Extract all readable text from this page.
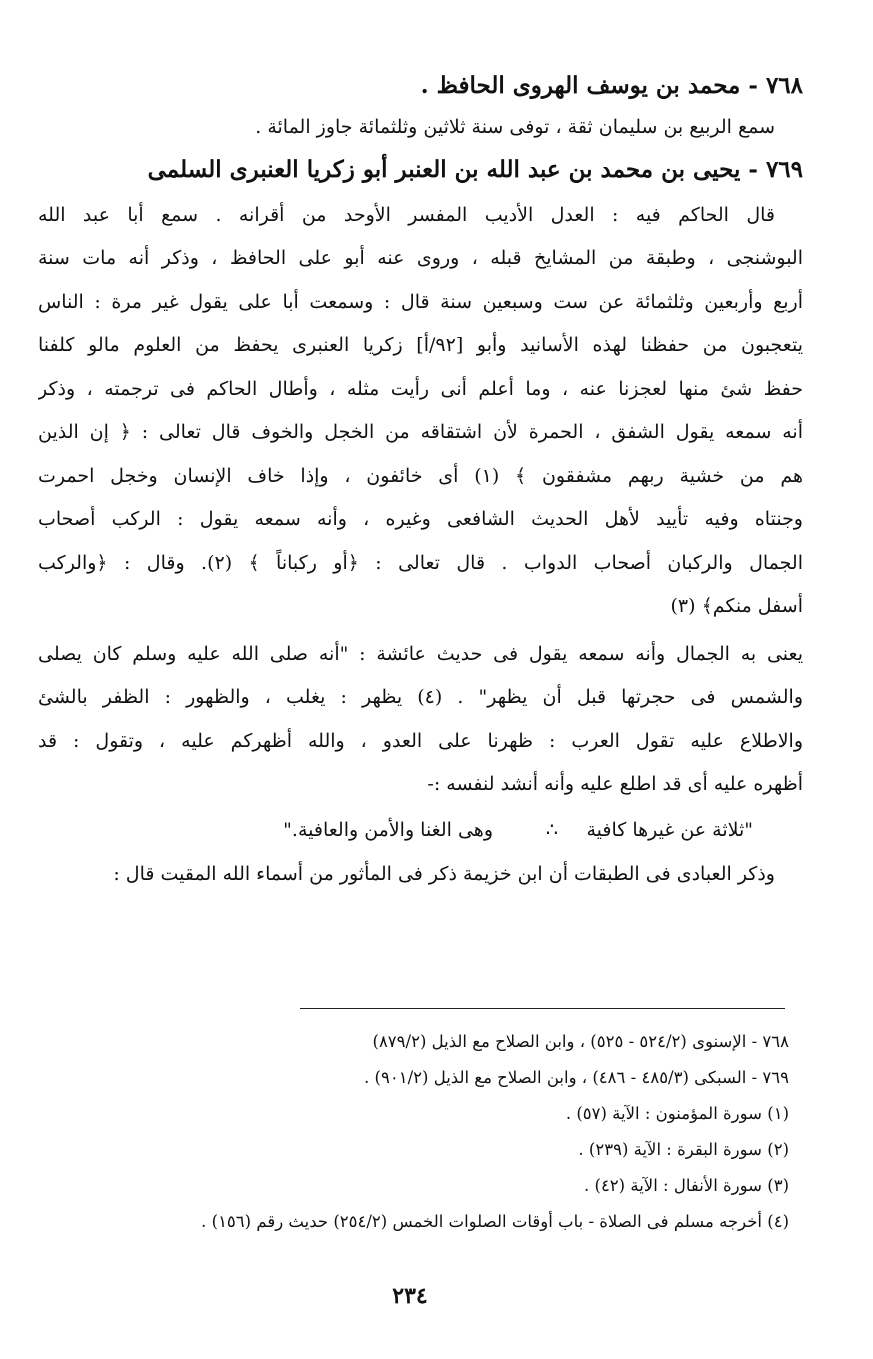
٧٦٨ - محمد بن يوسف الهروى الحافظ .
سمع الربيع بن سليمان ثقة ، توفى سنة ثلاثين وثلثمائة جاوز المائة .
٧٦٩ - يحيى بن محمد بن عبد الله بن العنبر أبو زكريا العنبرى السلمى
قال الحاكم فيه : العدل الأديب المفسر الأوحد من أقرانه . سمع أبا عبد الله
البوشنجى ، وطبقة من المشايخ قبله ، وروى عنه أبو على الحافظ ، وذكر أنه مات سنة
أربع وأربعين وثلثمائة عن ست وسبعين سنة قال : وسمعت أبا على يقول غير مرة : الناس
يتعجبون من حفظنا لهذه الأسانيد وأبو [٩٢/أ] زكريا العنبرى يحفظ من العلوم مالو كلفنا
حفظ شئ منها لعجزنا عنه ، وما أعلم أنى رأيت مثله ، وأطال الحاكم فى ترجمته ، وذكر
أنه سمعه يقول الشفق ، الحمرة لأن اشتقاقه من الخجل والخوف قال تعالى : ﴿ إن الذين
هم من خشية ربهم مشفقون ﴾ (١) أى خائفون ، وإذا خاف الإنسان وخجل احمرت
وجنتاه وفيه تأييد لأهل الحديث الشافعى وغيره ، وأنه سمعه يقول : الركب أصحاب
الجمال والركبان أصحاب الدواب . قال تعالى : ﴿أو ركباناً ﴾ (٢). وقال : ﴿والركب
أسفل منكم﴾ (٣)
يعنى به الجمال وأنه سمعه يقول فى حديث عائشة : "أنه صلى الله عليه وسلم كان يصلى
والشمس فى حجرتها قبل أن يظهر" . (٤) يظهر : يغلب ، والظهور : الظفر بالشئ
والاطلاع عليه تقول العرب : ظهرنا على العدو ، والله أظهركم عليه ، وتقول : قد
أظهره عليه أى قد اطلع عليه وأنه أنشد لنفسه :-
"ثلاثة عن غيرها كافية
∴
وهى الغنا والأمن والعافية."
وذكر العبادى فى الطبقات أن ابن خزيمة ذكر فى المأثور من أسماء الله المقيت قال :
٧٦٨ - الإسنوى (٥٢٤/٢ - ٥٢٥) ، وابن الصلاح مع الذيل (٨٧٩/٢)
٧٦٩ - السبكى (٤٨٥/٣ - ٤٨٦) ، وابن الصلاح مع الذيل (٩٠١/٢) .
(١) سورة المؤمنون : الآية (٥٧) .
(٢) سورة البقرة : الآية (٢٣٩) .
(٣) سورة الأنفال : الآية (٤٢) .
(٤) أخرجه مسلم فى الصلاة - باب أوقات الصلوات الخمس (٢٥٤/٢) حديث رقم (١٥٦) .
٢٣٤
